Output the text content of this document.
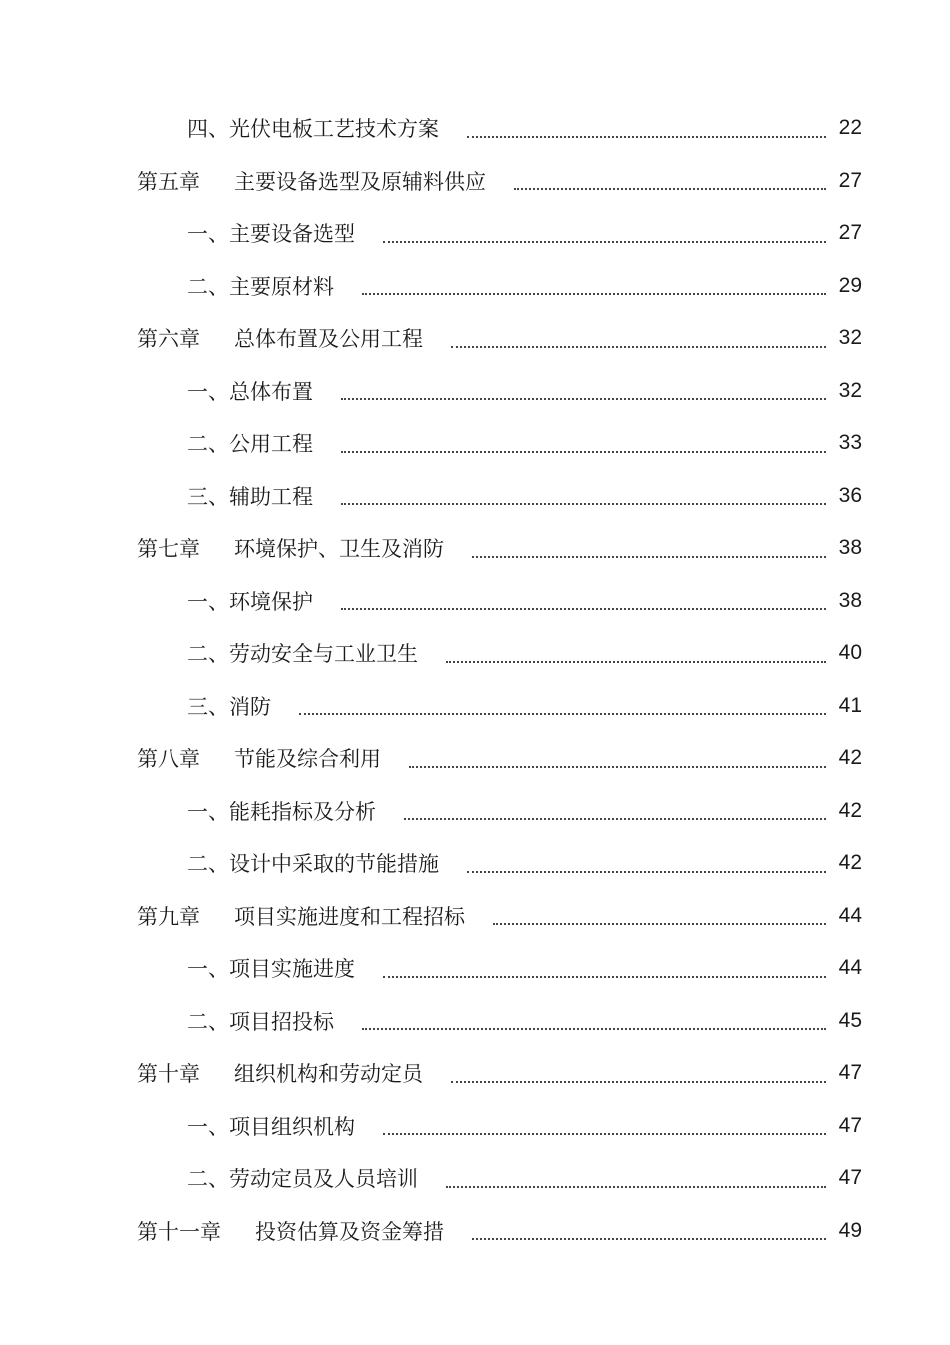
四、光伏电板工艺技术方案	22
第五章 主要设备选型及原辅料供应	27
一、主要设备选型	27
二、主要原材料	29
第六章 总体布置及公用工程	32
一、总体布置	32
二、公用工程	33
三、辅助工程	36
第七章 环境保护、卫生及消防	38
一、环境保护	38
二、劳动安全与工业卫生	40
三、消防	41
第八章 节能及综合利用	42
一、能耗指标及分析	42
二、设计中采取的节能措施	42
第九章 项目实施进度和工程招标	44
一、项目实施进度	44
二、项目招投标	45
第十章 组织机构和劳动定员	47
一、项目组织机构	47
二、劳动定员及人员培训	47
第十一章 投资估算及资金筹措	49
